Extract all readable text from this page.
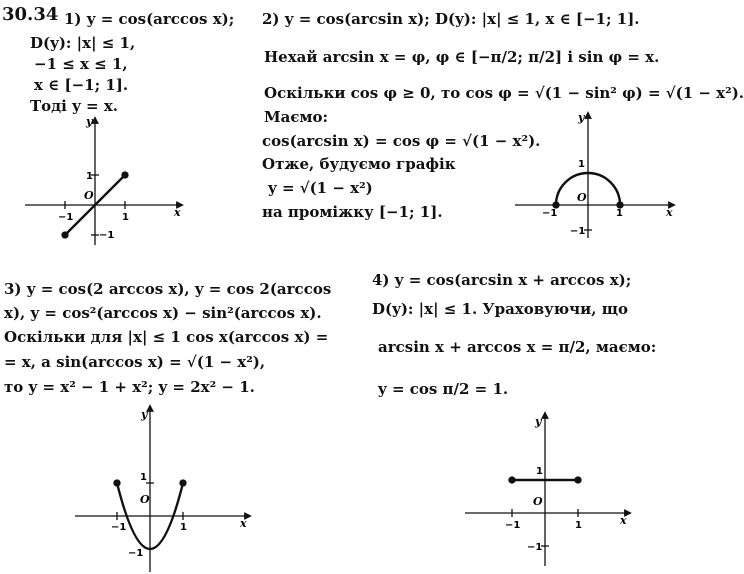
30.34 1) y = cos(arccos x);
D(y): |x| ≤ 1,
−1 ≤ x ≤ 1,
x ∈ [−1; 1].
Тоді y = x.
2) y = cos(arcsin x); D(y): |x| ≤ 1, x ∈ [−1; 1].
Нехай arcsin x = φ, φ ∈ [−π/2; π/2] і sin φ = x.
Оскільки cos φ ≥ 0, то cos φ = √(1 − sin² φ) = √(1 − x²).
Маємо:
cos(arcsin x) = cos φ = √(1 − x²).
Отже, будуємо графік
y = √(1 − x²)
на проміжку [−1; 1].
3) y = cos(2 arccos x), y = cos 2(arccos
x), y = cos²(arccos x) − sin²(arccos x).
Оскільки для |x| ≤ 1 cos x(arccos x) =
= x, а sin(arccos x) = √(1 − x²),
то y = x² − 1 + x²; y = 2x² − 1.
4) y = cos(arcsin x + arccos x);
D(y): |x| ≤ 1. Ураховуючи, що
arcsin x + arccos x = π/2, маємо:
y = cos π/2 = 1.
y
x
O
1
−1
−1	1
y
x
O
1
−1
−1	1
y
x
O
1
−1
−1	1
y
x
O
1
−1
−1	1
